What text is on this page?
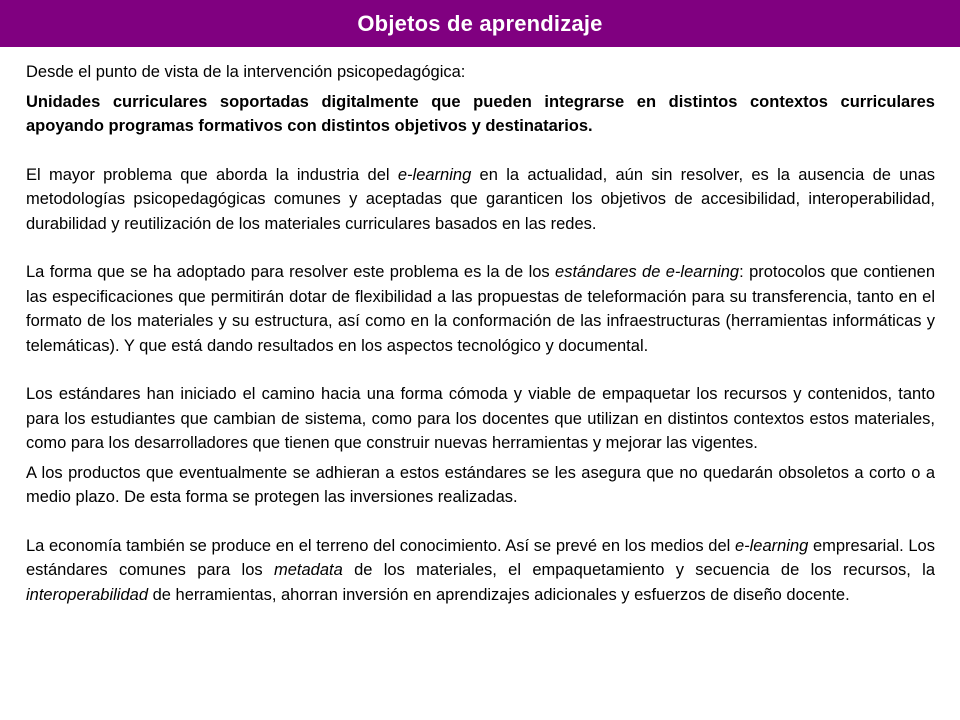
Objetos de aprendizaje

Desde el punto de vista de la intervención psicopedagógica:

Unidades curriculares soportadas digitalmente que pueden integrarse en distintos contextos curriculares apoyando programas formativos con distintos objetivos y destinatarios.

El mayor problema que aborda la industria del e-learning en la actualidad, aún sin resolver, es la ausencia de unas metodologías psicopedagógicas comunes y aceptadas que garanticen los objetivos de accesibilidad, interoperabilidad, durabilidad y reutilización de los materiales curriculares basados en las redes.

La forma que se ha adoptado para resolver este problema es la de los estándares de e-learning: protocolos que contienen las especificaciones que permitirán dotar de flexibilidad a las propuestas de teleformación para su transferencia, tanto en el formato de los materiales y su estructura, así como en la conformación de las infraestructuras (herramientas informáticas y telemáticas). Y que está dando resultados en los aspectos tecnológico y documental.

Los estándares han iniciado el camino hacia una forma cómoda y viable de empaquetar los recursos y contenidos, tanto para los estudiantes que cambian de sistema, como para los docentes que utilizan en distintos contextos estos materiales, como para los desarrolladores que tienen que construir nuevas herramientas y mejorar las vigentes.

A los productos que eventualmente se adhieran a estos estándares se les asegura que no quedarán obsoletos a corto o a medio plazo. De esta forma se protegen las inversiones realizadas.

La economía también se produce en el terreno del conocimiento. Así se prevé en los medios del e-learning empresarial. Los estándares comunes para los metadata de los materiales, el empaquetamiento y secuencia de los recursos, la interoperabilidad de herramientas, ahorran inversión en aprendizajes adicionales y esfuerzos de diseño docente.
